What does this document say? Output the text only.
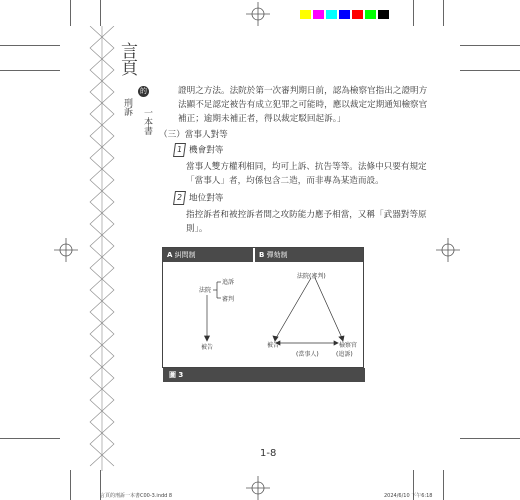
言頁
的
刑訴
一本書
證明之方法。法院於第一次審判期日前，認為檢察官指出之證明方
法顯不足認定被告有成立犯罪之可能時，應以裁定定期通知檢察官
補正；逾期未補正者，得以裁定駁回起訴。」
（三）當事人對等
1 機會對等
當事人雙方權利相同，均可上訴、抗告等等。法條中只要有規定
「當事人」者，均係包含二造，而非專為某造而設。
2 地位對等
指控訴者和被控訴者間之攻防能力應予相當，又稱「武器對等原
則」。
A 糾問制	B 彈劾制
法院
追訴
審判
被告
法院(審判)
被告	檢察官
(當事人)	(追訴)
圖 3
1-8
言頁的刑訴一本書C00-3.indd 8	2024/6/10 下午6:18
